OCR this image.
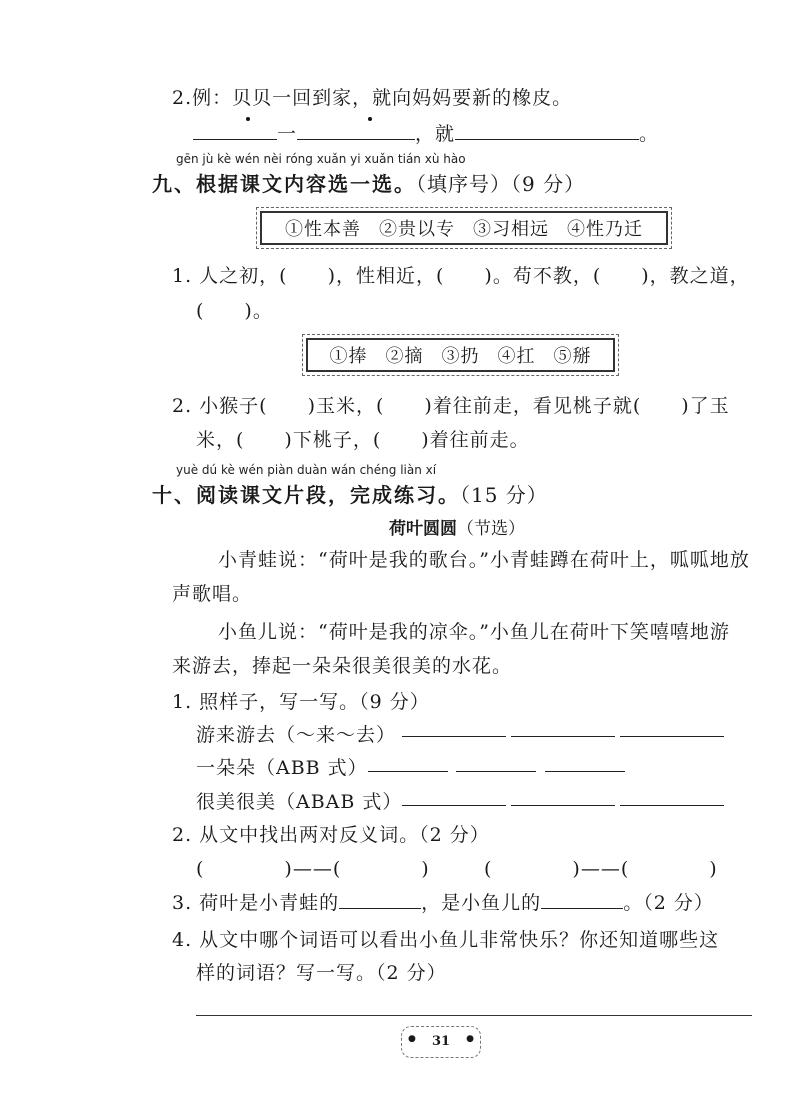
2.例：贝贝一回到家，就向妈妈要新的橡皮。
一	，就	。
gēn jù kè wén nèi róng xuǎn yi xuǎn tián xù hào
九、根据课文内容选一选。（填序号）（9 分）
①性本善 ②贵以专 ③习相远 ④性乃迁
1. 人之初，(　　)，性相近，(　　)。苟不教，(　　)，教之道，
(　　)。
①捧 ②摘 ③扔 ④扛 ⑤掰
2. 小猴子(　　)玉米，(　　)着往前走，看见桃子就(　　)了玉
米，(　　)下桃子，(　　)着往前走。
yuè dú kè wén piàn duàn wán chéng liàn xí
十、阅读课文片段，完成练习。（15 分）
荷叶圆圆（节选）
小青蛙说：“荷叶是我的歌台。”小青蛙蹲在荷叶上，呱呱地放
声歌唱。
小鱼儿说：“荷叶是我的凉伞。”小鱼儿在荷叶下笑嘻嘻地游
来游去，捧起一朵朵很美很美的水花。
1. 照样子，写一写。（9 分）
游来游去（～来～去）
一朵朵（ABB 式）
很美很美（ABAB 式）
2. 从文中找出两对反义词。（2 分）
(　　　　)——(　　　　)	(　　　　)——(　　　　)
3. 荷叶是小青蛙的	，是小鱼儿的	。（2 分）
4. 从文中哪个词语可以看出小鱼儿非常快乐？你还知道哪些这
样的词语？写一写。（2 分）
●	31	●
